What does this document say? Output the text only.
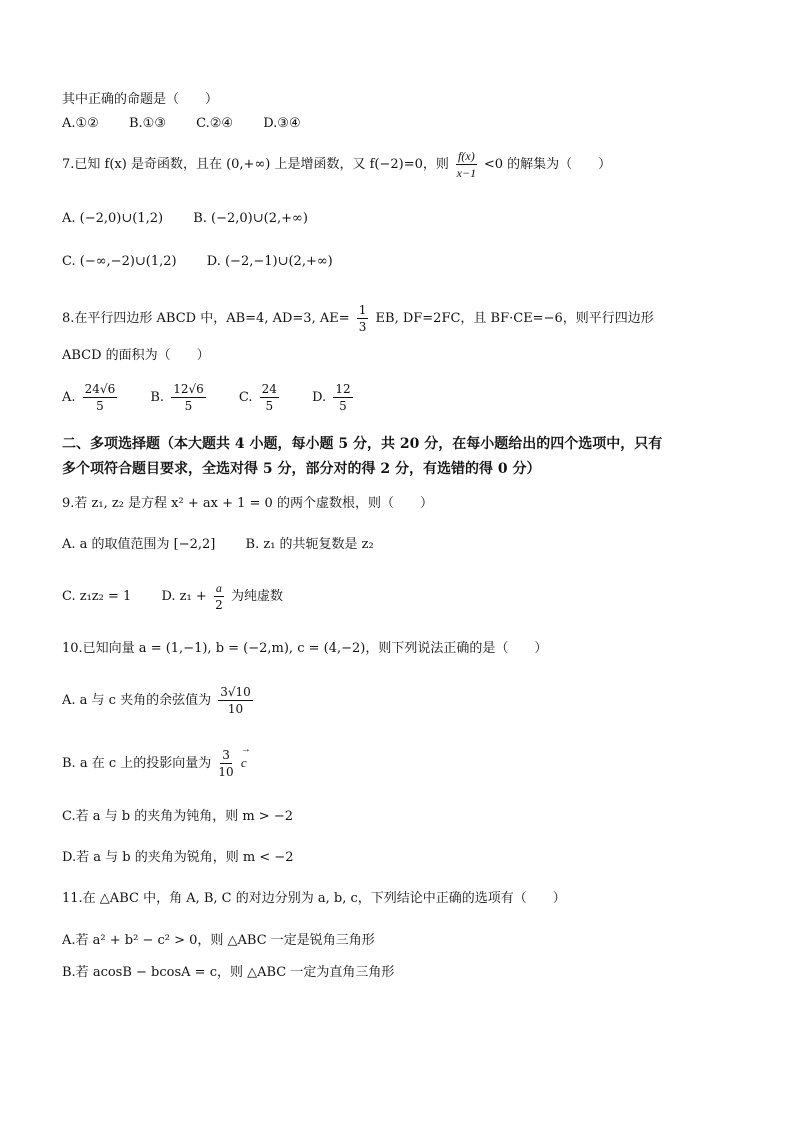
其中正确的命题是（　　）
A.①② B.①③ C.②④ D.③④
7.已知 f(x) 是奇函数，且在 (0,+∞) 上是增函数，又 f(−2)=0，则 $\frac{f(x)}{x-1} <0$ 的解集为（　　）
A. (−2,0)∪(1,2) B. (−2,0)∪(2,+∞)
C. (−∞,−2)∪(1,2) D. (−2,−1)∪(2,+∞)
8.在平行四边形 ABCD 中，AB=4, AD=3, $AE= \frac{1}{3}$ EB, DF=2FC，且 BF·CE=−6，则平行四边形
ABCD 的面积为（　　）
A. $\frac{24√6}{5}$	B. $\frac{12√6}{5}$	C. $\frac{24}{5}$	D. $\frac{12}{5}$
二、多项选择题（本大题共 4 小题，每小题 5 分，共 20 分，在每小题给出的四个选项中，只有
多个项符合题目要求，全选对得 5 分，部分对的得 2 分，有选错的得 0 分）
9.若 z₁, z₂ 是方程 x² + ax + 1 = 0 的两个虚数根，则（　　）
A. a 的取值范围为 [−2,2] B. z₁ 的共轭复数是 z₂
C. z₁z₂ = 1 D. $z_1 + \frac{a}{2}$ 为纯虚数
10.已知向量 a = (1,−1), b = (−2,m), c = (4,−2)，则下列说法正确的是（　　）
A. a 与 c 夹角的余弦值为 $\frac{3√10}{10}$
B. a 在 c 上的投影向量为 $\frac{3}{10}$
→ c
C.若 a 与 b 的夹角为钝角，则 m > −2
D.若 a 与 b 的夹角为锐角，则 m < −2
11.在 △ABC 中，角 A, B, C 的对边分别为 a, b, c，下列结论中正确的选项有（　　）
A.若 a² + b² − c² > 0，则 △ABC 一定是锐角三角形
B.若 acosB − bcosA = c，则 △ABC 一定为直角三角形
